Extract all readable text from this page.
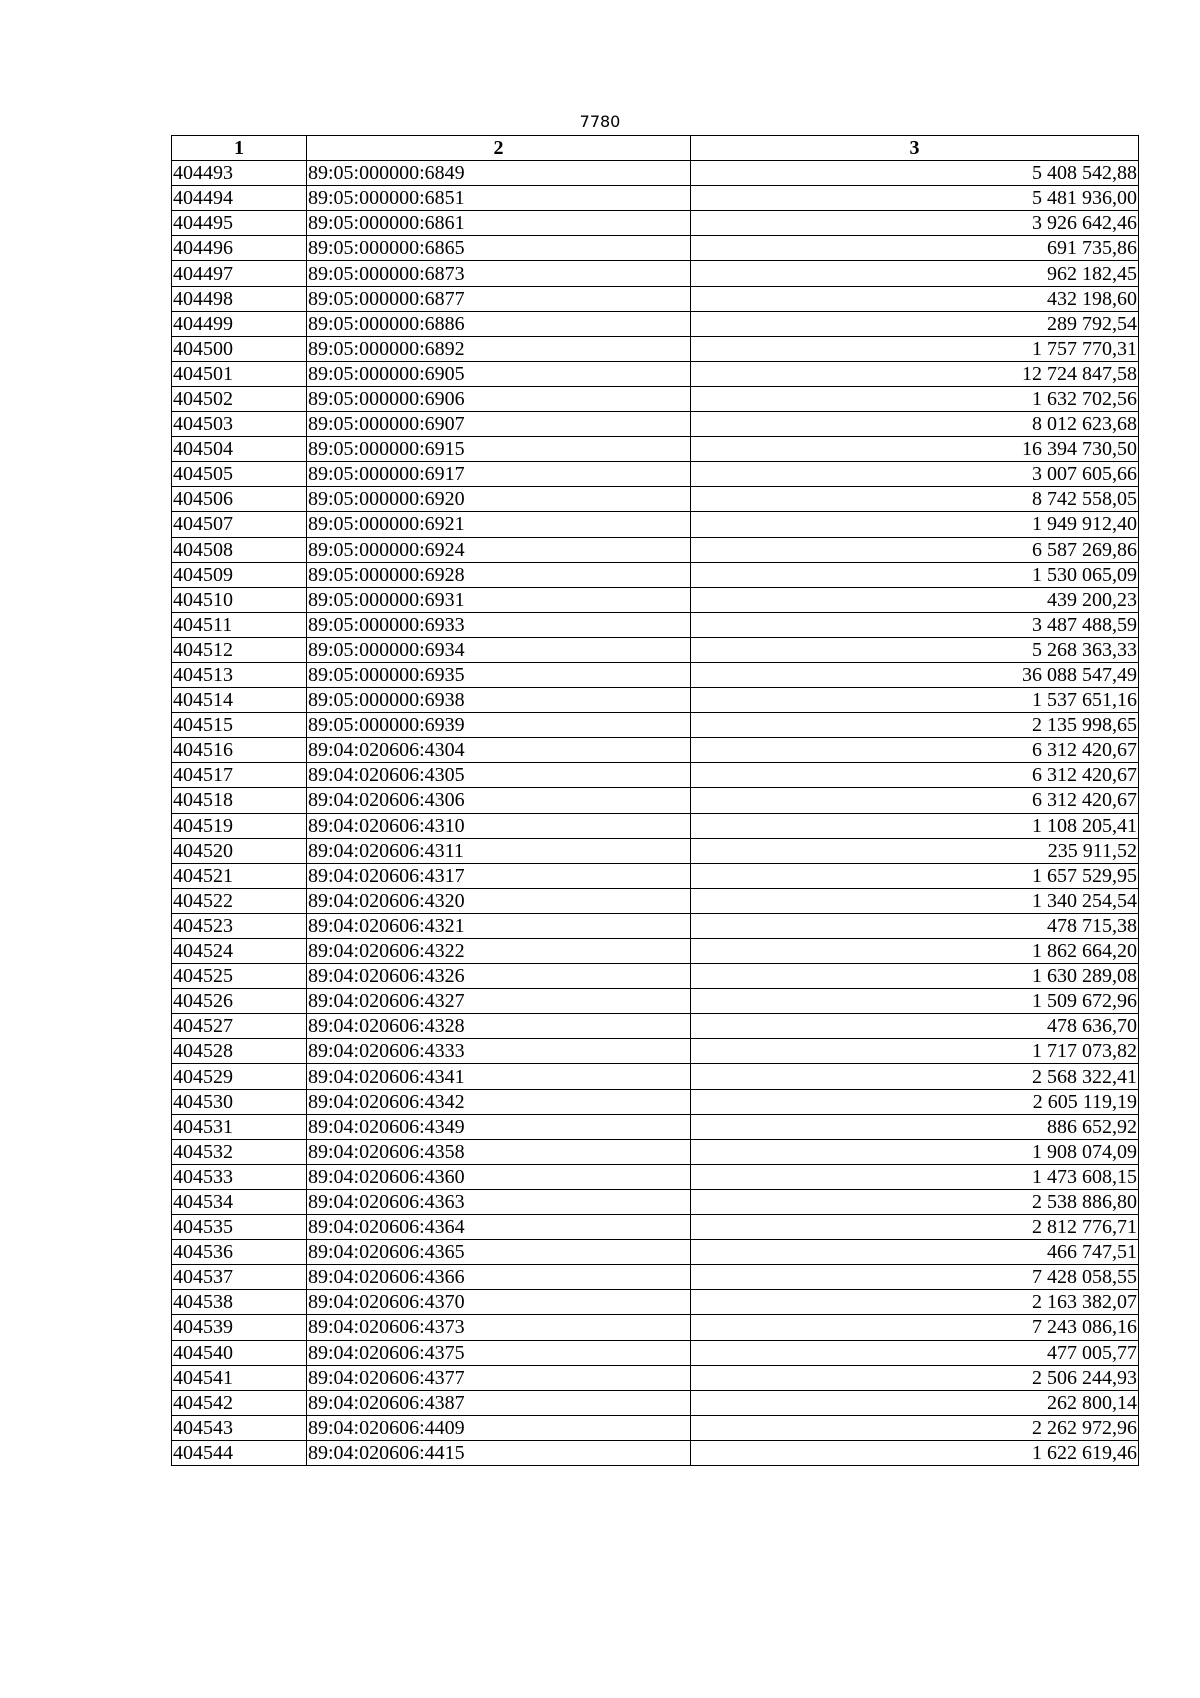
7780
1	2	3
404493	89:05:000000:6849	5 408 542,88
404494	89:05:000000:6851	5 481 936,00
404495	89:05:000000:6861	3 926 642,46
404496	89:05:000000:6865	691 735,86
404497	89:05:000000:6873	962 182,45
404498	89:05:000000:6877	432 198,60
404499	89:05:000000:6886	289 792,54
404500	89:05:000000:6892	1 757 770,31
404501	89:05:000000:6905	12 724 847,58
404502	89:05:000000:6906	1 632 702,56
404503	89:05:000000:6907	8 012 623,68
404504	89:05:000000:6915	16 394 730,50
404505	89:05:000000:6917	3 007 605,66
404506	89:05:000000:6920	8 742 558,05
404507	89:05:000000:6921	1 949 912,40
404508	89:05:000000:6924	6 587 269,86
404509	89:05:000000:6928	1 530 065,09
404510	89:05:000000:6931	439 200,23
404511	89:05:000000:6933	3 487 488,59
404512	89:05:000000:6934	5 268 363,33
404513	89:05:000000:6935	36 088 547,49
404514	89:05:000000:6938	1 537 651,16
404515	89:05:000000:6939	2 135 998,65
404516	89:04:020606:4304	6 312 420,67
404517	89:04:020606:4305	6 312 420,67
404518	89:04:020606:4306	6 312 420,67
404519	89:04:020606:4310	1 108 205,41
404520	89:04:020606:4311	235 911,52
404521	89:04:020606:4317	1 657 529,95
404522	89:04:020606:4320	1 340 254,54
404523	89:04:020606:4321	478 715,38
404524	89:04:020606:4322	1 862 664,20
404525	89:04:020606:4326	1 630 289,08
404526	89:04:020606:4327	1 509 672,96
404527	89:04:020606:4328	478 636,70
404528	89:04:020606:4333	1 717 073,82
404529	89:04:020606:4341	2 568 322,41
404530	89:04:020606:4342	2 605 119,19
404531	89:04:020606:4349	886 652,92
404532	89:04:020606:4358	1 908 074,09
404533	89:04:020606:4360	1 473 608,15
404534	89:04:020606:4363	2 538 886,80
404535	89:04:020606:4364	2 812 776,71
404536	89:04:020606:4365	466 747,51
404537	89:04:020606:4366	7 428 058,55
404538	89:04:020606:4370	2 163 382,07
404539	89:04:020606:4373	7 243 086,16
404540	89:04:020606:4375	477 005,77
404541	89:04:020606:4377	2 506 244,93
404542	89:04:020606:4387	262 800,14
404543	89:04:020606:4409	2 262 972,96
404544	89:04:020606:4415	1 622 619,46
